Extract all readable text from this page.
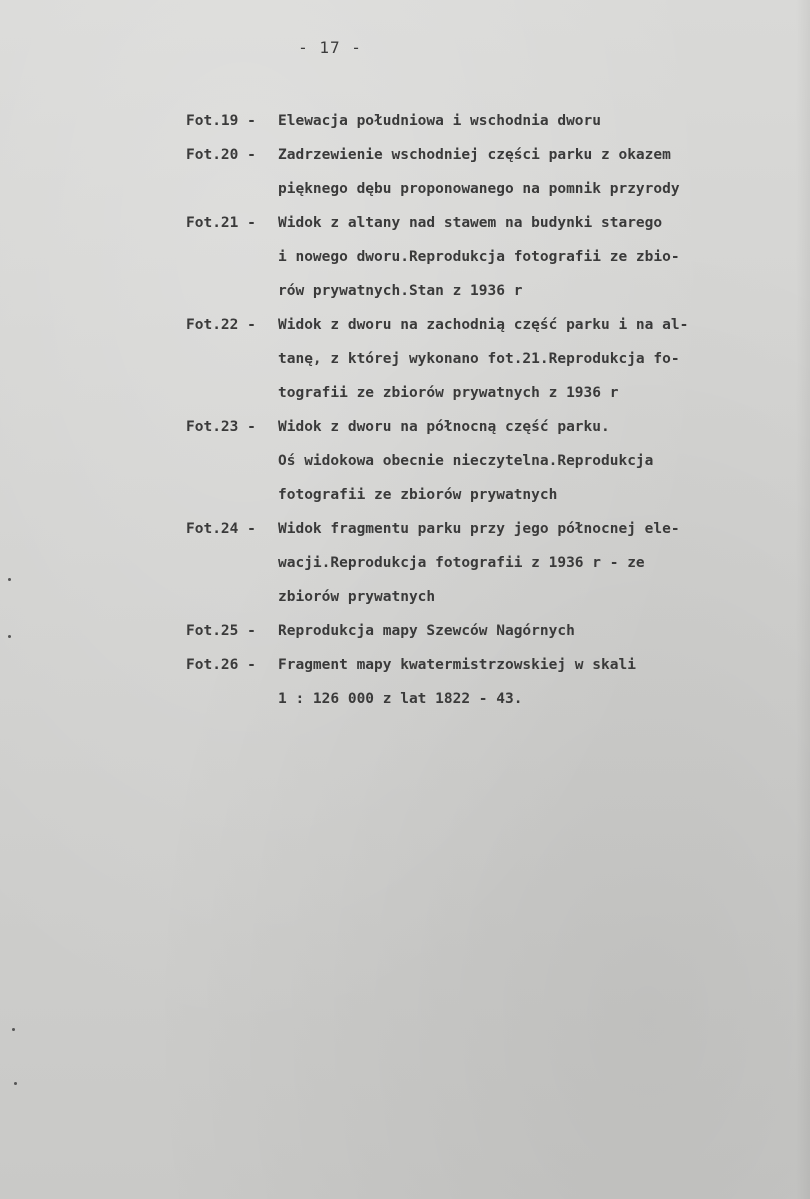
- 17 -
Fot.19 -	Elewacja południowa i wschodnia dworu
Fot.20 -	Zadrzewienie wschodniej części parku z okazem
pięknego dębu proponowanego na pomnik przyrody
Fot.21 -	Widok z altany nad stawem na budynki starego
i nowego dworu.Reprodukcja fotografii ze zbio-
rów prywatnych.Stan z 1936 r
Fot.22 -	Widok z dworu na zachodnią część parku i na al-
tanę, z której wykonano fot.21.Reprodukcja fo-
tografii ze zbiorów prywatnych z 1936 r
Fot.23 -	Widok z dworu na północną część parku.
Oś widokowa obecnie nieczytelna.Reprodukcja
fotografii ze zbiorów prywatnych
Fot.24 -	Widok fragmentu parku przy jego północnej ele-
wacji.Reprodukcja fotografii z 1936 r - ze
zbiorów prywatnych
Fot.25 -	Reprodukcja mapy Szewców Nagórnych
Fot.26 -	Fragment mapy kwatermistrzowskiej w skali
1 : 126 000 z lat 1822 - 43.
